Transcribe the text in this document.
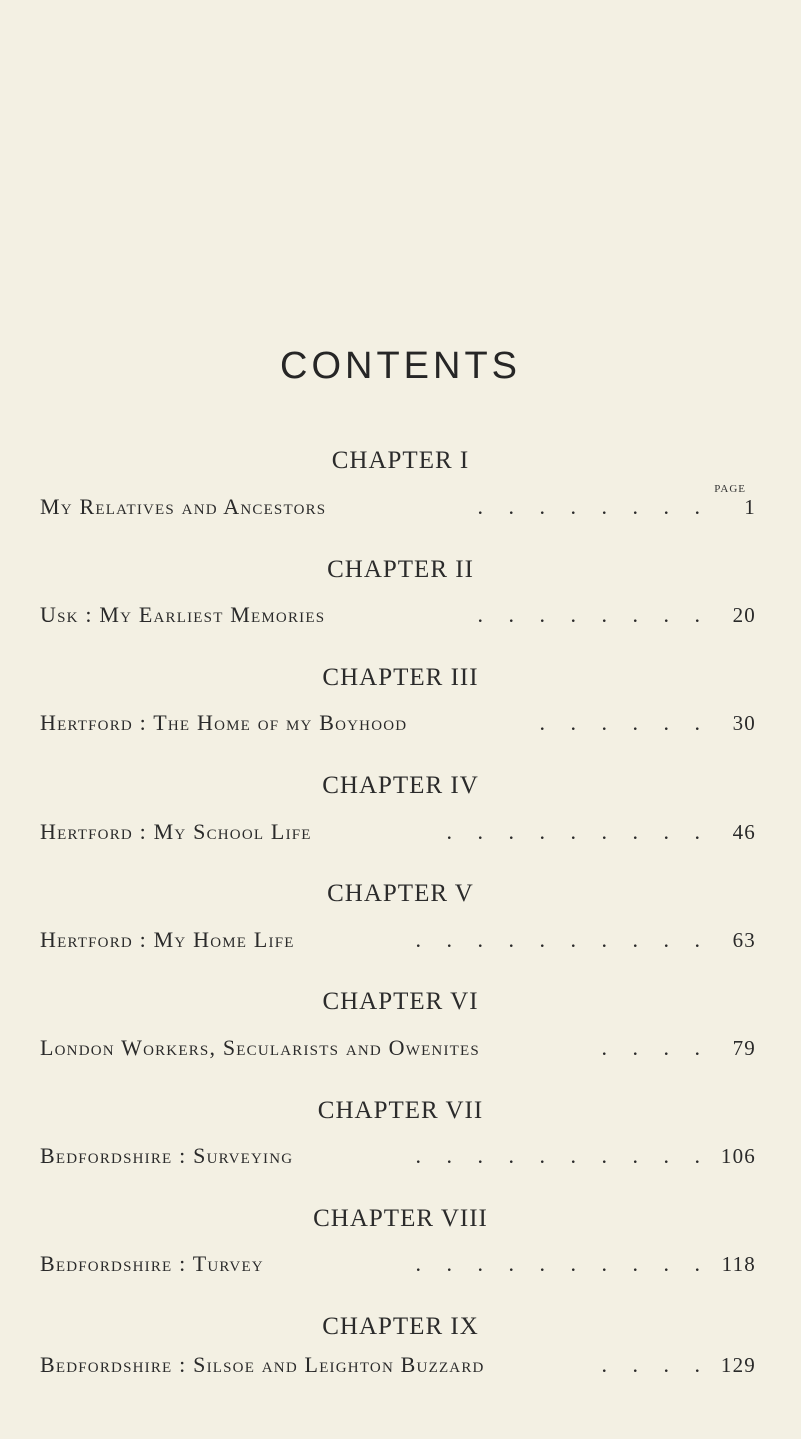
CONTENTS
PAGE
CHAPTER I
My Relatives and Ancestors	. . . . . . . .	1
CHAPTER II
Usk : My Earliest Memories	. . . . . . . .	20
CHAPTER III
Hertford : The Home of my Boyhood	. . . . . .	30
CHAPTER IV
Hertford : My School Life	. . . . . . . . .	46
CHAPTER V
Hertford : My Home Life	. . . . . . . . . .	63
CHAPTER VI
London Workers, Secularists and Owenites	. . . .	79
CHAPTER VII
Bedfordshire : Surveying	. . . . . . . . . . 106
CHAPTER VIII
Bedfordshire : Turvey	. . . . . . . . . . 118
CHAPTER IX
Bedfordshire : Silsoe and Leighton Buzzard	. . . . 129
